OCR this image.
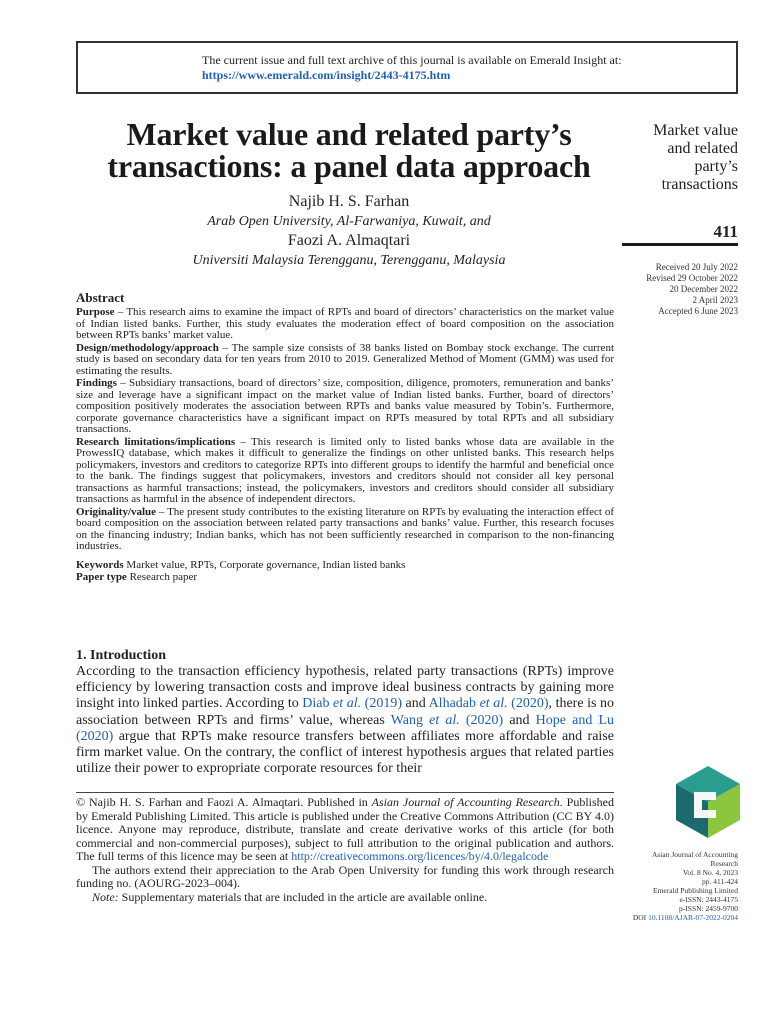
The current issue and full text archive of this journal is available on Emerald Insight at:
https://www.emerald.com/insight/2443-4175.htm
Market value and related party’s
transactions: a panel data approach
Najib H. S. Farhan
Arab Open University, Al-Farwaniya, Kuwait, and
Faozi A. Almaqtari
Universiti Malaysia Terengganu, Terengganu, Malaysia
Market value
and related
party’s
transactions
411
Received 20 July 2022
Revised 29 October 2022
20 December 2022
2 April 2023
Accepted 6 June 2023
Abstract

Purpose – This research aims to examine the impact of RPTs and board of directors’ characteristics on the market value of Indian listed banks. Further, this study evaluates the moderation effect of board composition on the association between RPTs banks’ market value.

Design/methodology/approach – The sample size consists of 38 banks listed on Bombay stock exchange. The current study is based on secondary data for ten years from 2010 to 2019. Generalized Method of Moment (GMM) was used for estimating the results.

Findings – Subsidiary transactions, board of directors’ size, composition, diligence, promoters, remuneration and banks’ size and leverage have a significant impact on the market value of Indian listed banks. Further, board of directors’ composition positively moderates the association between RPTs and banks value measured by Tobin’s. Furthermore, corporate governance characteristics have a significant impact on RPTs measured by total RPTs and all subsidiary transactions.

Research limitations/implications – This research is limited only to listed banks whose data are available in the ProwessIQ database, which makes it difficult to generalize the findings on other unlisted banks. This research helps policymakers, investors and creditors to categorize RPTs into different groups to identify the harmful and beneficial once to the bank. The findings suggest that policymakers, investors and creditors should not consider all key personal transactions as harmful transactions; instead, the policymakers, investors and creditors should consider all subsidiary transactions as harmful in the absence of independent directors.

Originality/value – The present study contributes to the existing literature on RPTs by evaluating the interaction effect of board composition on the association between related party transactions and banks’ value. Further, this research focuses on the financing industry; Indian banks, which has not been sufficiently researched in comparison to the non-financing industries.

Keywords Market value, RPTs, Corporate governance, Indian listed banks

Paper type Research paper

1. Introduction

According to the transaction efficiency hypothesis, related party transactions (RPTs) improve efficiency by lowering transaction costs and improve ideal business contracts by gaining more insight into linked parties. According to Diab et al. (2019) and Alhadab et al. (2020), there is no association between RPTs and firms’ value, whereas Wang et al. (2020) and Hope and Lu (2020) argue that RPTs make resource transfers between affiliates more affordable and raise firm market value. On the contrary, the conflict of interest hypothesis argues that related parties utilize their power to expropriate corporate resources for their

© Najib H. S. Farhan and Faozi A. Almaqtari. Published in Asian Journal of Accounting Research. Published by Emerald Publishing Limited. This article is published under the Creative Commons Attribution (CC BY 4.0) licence. Anyone may reproduce, distribute, translate and create derivative works of this article (for both commercial and non-commercial purposes), subject to full attribution to the original publication and authors. The full terms of this licence may be seen at http://creativecommons.org/licences/by/4.0/legalcode

The authors extend their appreciation to the Arab Open University for funding this work through research funding no. (AOURG-2023–004).

Note: Supplementary materials that are included in the article are available online.

Asian Journal of Accounting
Research
Vol. 8 No. 4, 2023
pp. 411-424
Emerald Publishing Limited
e-ISSN: 2443-4175
p-ISSN: 2459-9700
DOI 10.1108/AJAR-07-2022-0204
